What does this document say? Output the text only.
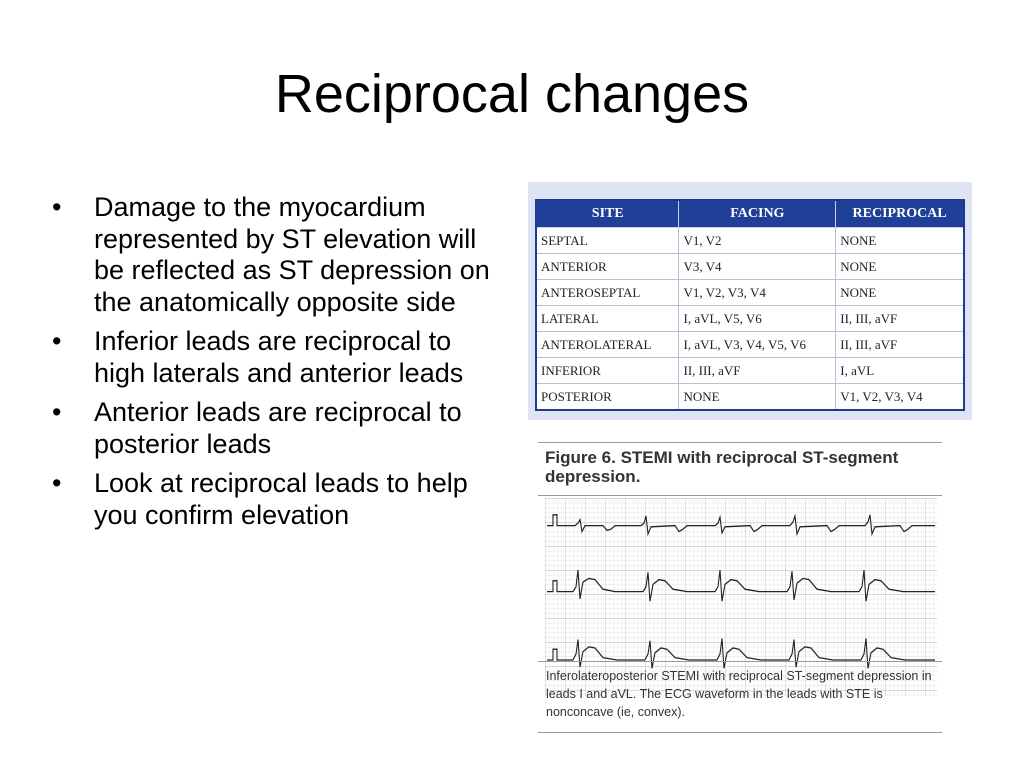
Reciprocal changes
• Damage to the myocardium represented by ST elevation will be reflected as ST depression on the anatomically opposite side
• Inferior leads are reciprocal to high laterals and anterior leads
• Anterior leads are reciprocal to posterior leads
• Look at reciprocal leads to help you confirm elevation
SITE	FACING	RECIPROCAL
SEPTAL	V1, V2	NONE
ANTERIOR	V3, V4	NONE
ANTEROSEPTAL	V1, V2, V3, V4	NONE
LATERAL	I, aVL, V5, V6	II, III, aVF
ANTEROLATERAL	I, aVL, V3, V4, V5, V6	II, III, aVF
INFERIOR	II, III, aVF	I, aVL
POSTERIOR	NONE	V1, V2, V3, V4
Figure 6. STEMI with reciprocal ST-segment depression.
Inferolateroposterior STEMI with reciprocal ST-segment depression in leads I and aVL. The ECG waveform in the leads with STE is nonconcave (ie, convex).
